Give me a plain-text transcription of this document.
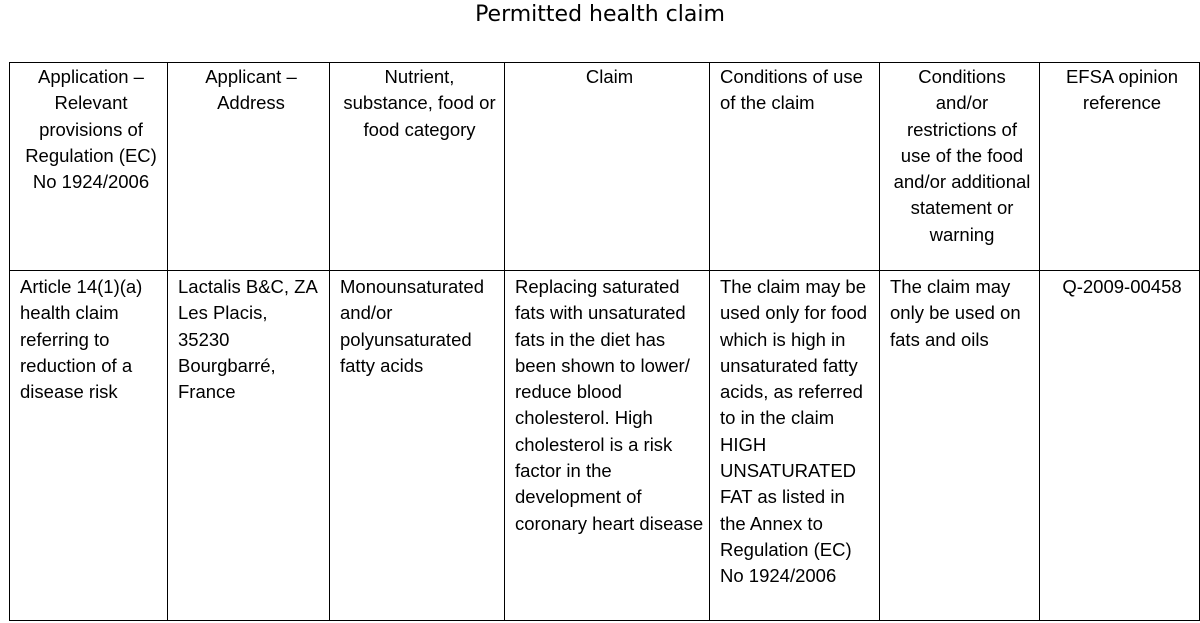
Permitted health claim
Application – Relevant provisions of Regulation (EC) No 1924/2006	Applicant – Address	Nutrient, substance, food or food category	Claim	Conditions of use of the claim	Conditions and/or restrictions of use of the food and/or additional statement or warning	EFSA opinion reference
Article 14(1)(a) health claim referring to reduction of a disease risk	Lactalis B&C, ZA Les Placis, 35230 Bourgbarré, France	Monounsaturated and/or polyunsaturated fatty acids	Replacing saturated fats with unsaturated fats in the diet has been shown to lower/ reduce blood cholesterol. High cholesterol is a risk factor in the development of coronary heart disease	The claim may be used only for food which is high in unsaturated fatty acids, as referred to in the claim HIGH UNSATURATED FAT as listed in the Annex to Regulation (EC) No 1924/2006	The claim may only be used on fats and oils	Q-2009-00458
